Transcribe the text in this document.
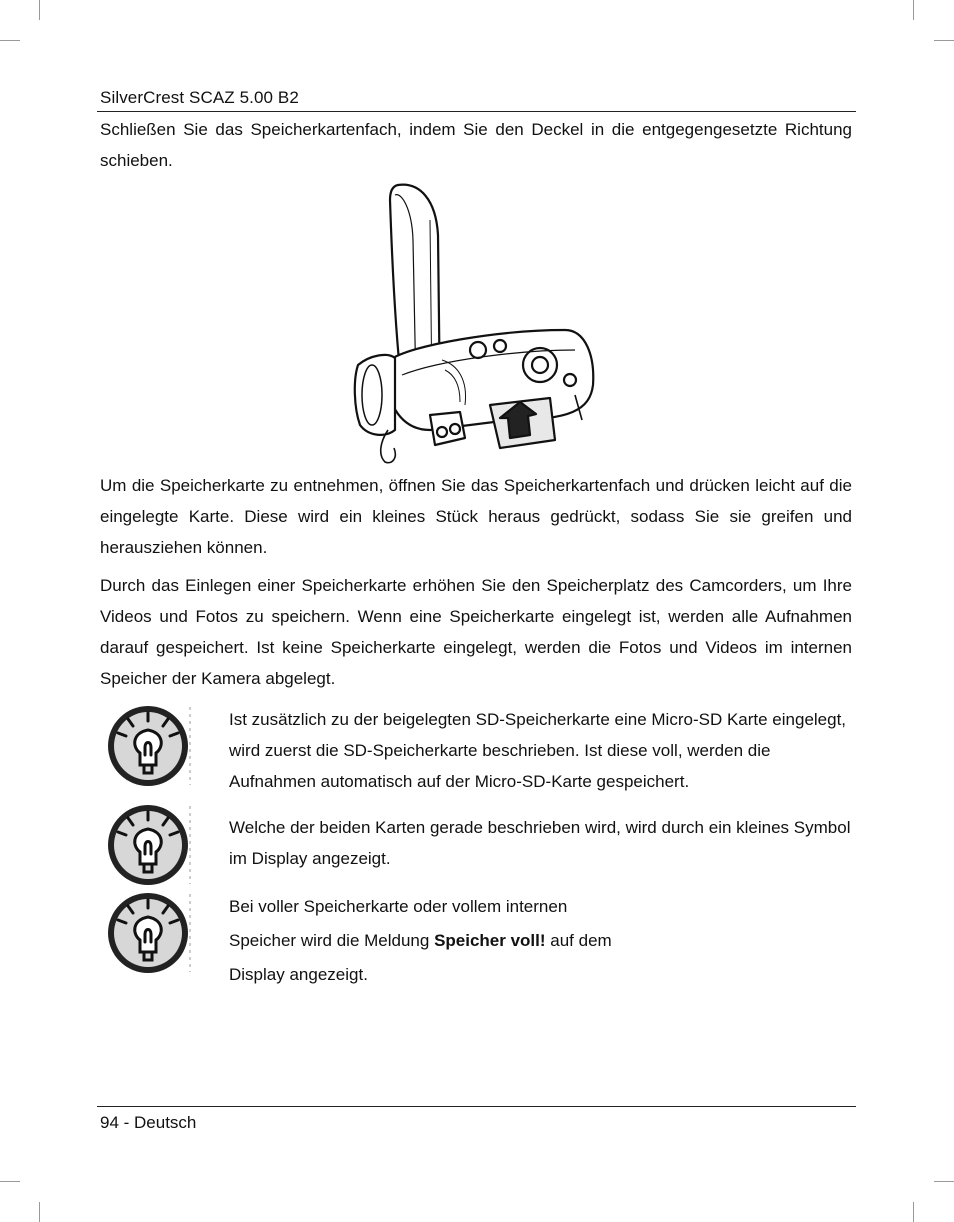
SilverCrest SCAZ 5.00 B2
Schließen Sie das Speicherkartenfach, indem Sie den Deckel in die entgegengesetzte Richtung schieben.
Um die Speicherkarte zu entnehmen, öffnen Sie das Speicherkartenfach und drücken leicht auf die eingelegte Karte. Diese wird ein kleines Stück heraus gedrückt, sodass Sie sie greifen und herausziehen können.
Durch das Einlegen einer Speicherkarte erhöhen Sie den Speicherplatz des Camcorders, um Ihre Videos und Fotos zu speichern. Wenn eine Speicherkarte eingelegt ist, werden alle Aufnahmen darauf gespeichert. Ist keine Speicherkarte eingelegt, werden die Fotos und Videos im internen Speicher der Kamera abgelegt.
Ist zusätzlich zu der beigelegten SD-Speicherkarte eine Micro-SD Karte eingelegt, wird zuerst die SD-Speicherkarte beschrieben. Ist diese voll, werden die Aufnahmen automatisch auf der Micro-SD-Karte gespeichert.
Welche der beiden Karten gerade beschrieben wird, wird durch ein kleines Symbol im Display angezeigt.
Bei voller Speicherkarte oder vollem internen
Speicher wird die Meldung Speicher voll! auf dem
Display angezeigt.
94 - Deutsch
